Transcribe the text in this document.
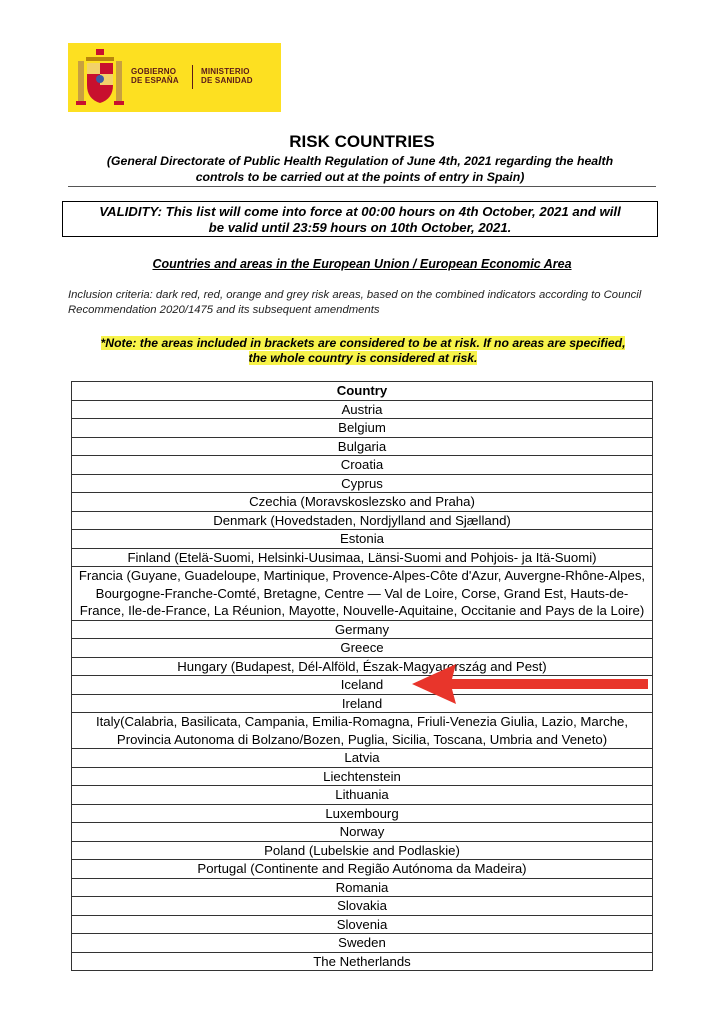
GOBIERNO
DE ESPAÑA
MINISTERIO
DE SANIDAD
RISK COUNTRIES
(General Directorate of Public Health Regulation of June 4th, 2021 regarding the health
controls to be carried out at the points of entry in Spain)

VALIDITY: This list will come into force at 00:00 hours on 4th October, 2021 and will

be valid until 23:59 hours on 10th October, 2021.

Countries and areas in the European Union / European Economic Area

Inclusion criteria: dark red, red, orange and grey risk areas, based on the combined indicators according to Council Recommendation 2020/1475 and its subsequent amendments

*Note: the areas included in brackets are considered to be at risk. If no areas are specified,
the whole country is considered at risk.
Country
Austria
Belgium
Bulgaria
Croatia
Cyprus
Czechia (Moravskoslezsko and Praha)
Denmark (Hovedstaden, Nordjylland and Sjælland)
Estonia
Finland (Etelä-Suomi, Helsinki-Uusimaa, Länsi-Suomi and Pohjois- ja Itä-Suomi)
Francia (Guyane, Guadeloupe, Martinique, Provence-Alpes-Côte d'Azur, Auvergne-Rhône-Alpes, Bourgogne-Franche-Comté, Bretagne, Centre — Val de Loire, Corse, Grand Est, Hauts-de-France, Ile-de-France, La Réunion, Mayotte, Nouvelle-Aquitaine, Occitanie and Pays de la Loire)
Germany
Greece
Hungary (Budapest, Dél-Alföld, Észak-Magyarország and Pest)
Iceland
Ireland
Italy(Calabria, Basilicata, Campania, Emilia-Romagna, Friuli-Venezia Giulia, Lazio, Marche, Provincia Autonoma di Bolzano/Bozen, Puglia, Sicilia, Toscana, Umbria and Veneto)
Latvia
Liechtenstein
Lithuania
Luxembourg
Norway
Poland (Lubelskie and Podlaskie)
Portugal (Continente and Região Autónoma da Madeira)
Romania
Slovakia
Slovenia
Sweden
The Netherlands
